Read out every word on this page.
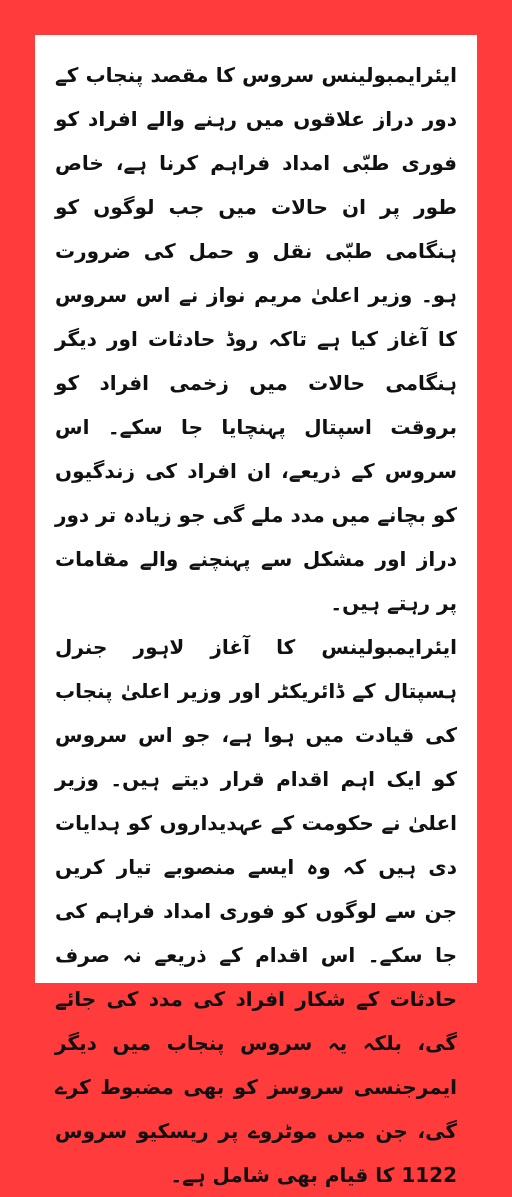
ایئرایمبولینس سروس کا مقصد پنجاب کے دور دراز علاقوں میں رہنے والے افراد کو فوری طبّی امداد فراہم کرنا ہے، خاص طور پر ان حالات میں جب لوگوں کو ہنگامی طبّی نقل و حمل کی ضرورت ہو۔ وزیر اعلیٰ مریم نواز نے اس سروس کا آغاز کیا ہے تاکہ روڈ حادثات اور دیگر ہنگامی حالات میں زخمی افراد کو بروقت اسپتال پہنچایا جا سکے۔ اس سروس کے ذریعے، ان افراد کی زندگیوں کو بچانے میں مدد ملے گی جو زیادہ تر دور دراز اور مشکل سے پہنچنے والے مقامات پر رہتے ہیں۔

ایئرایمبولینس کا آغاز لاہور جنرل ہسپتال کے ڈائریکٹر اور وزیر اعلیٰ پنجاب کی قیادت میں ہوا ہے، جو اس سروس کو ایک اہم اقدام قرار دیتے ہیں۔ وزیر اعلیٰ نے حکومت کے عہدیداروں کو ہدایات دی ہیں کہ وہ ایسے منصوبے تیار کریں جن سے لوگوں کو فوری امداد فراہم کی جا سکے۔ اس اقدام کے ذریعے نہ صرف حادثات کے شکار افراد کی مدد کی جائے گی، بلکہ یہ سروس پنجاب میں دیگر ایمرجنسی سروسز کو بھی مضبوط کرے گی، جن میں موٹروے پر ریسکیو سروس 1122 کا قیام بھی شامل ہے۔
